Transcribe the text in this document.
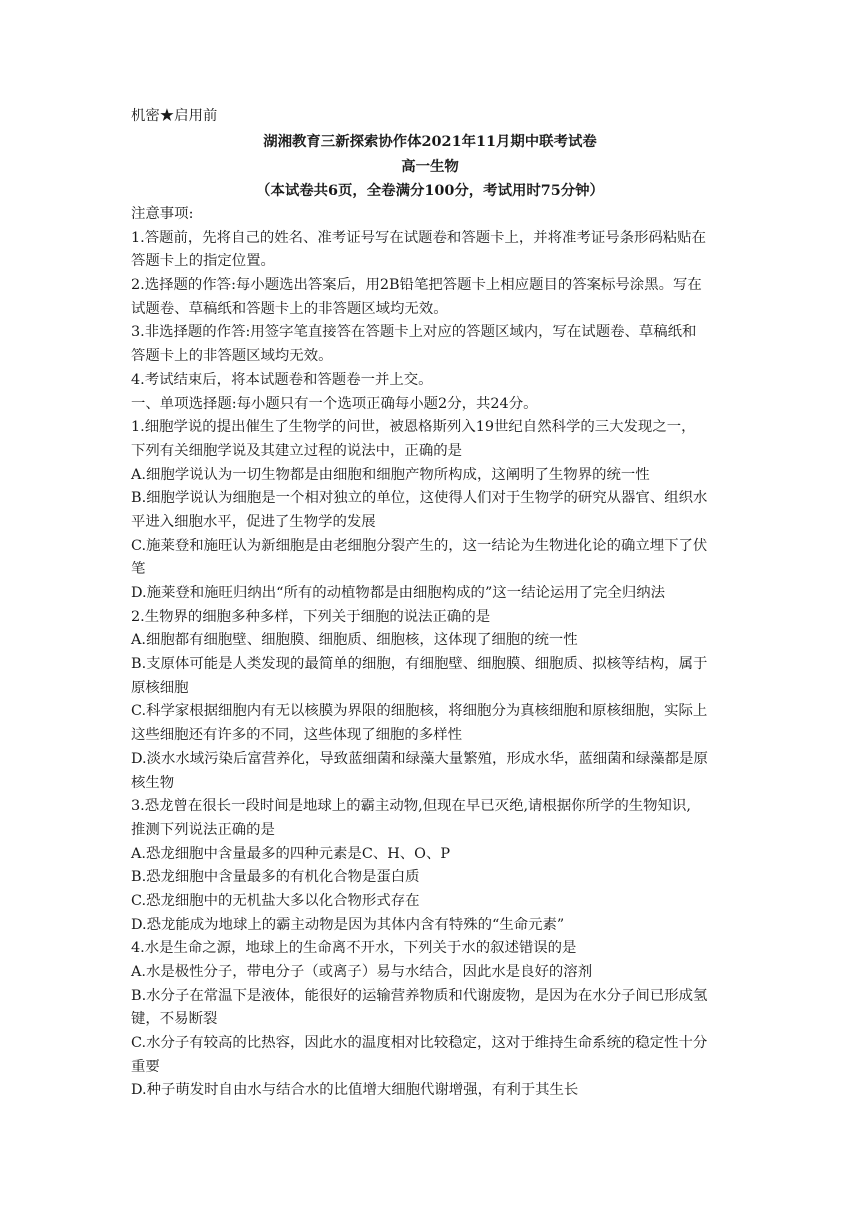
机密★启用前
湖湘教育三新探索协作体2021年11月期中联考试卷
高一生物
（本试卷共6页，全卷满分100分，考试用时75分钟）
注意事项:
1.答题前，先将自己的姓名、准考证号写在试题卷和答题卡上，并将准考证号条形码粘贴在
答题卡上的指定位置。
2.选择题的作答:每小题选出答案后，用2B铅笔把答题卡上相应题目的答案标号涂黑。写在
试题卷、草稿纸和答题卡上的非答题区域均无效。
3.非选择题的作答:用签字笔直接答在答题卡上对应的答题区域内，写在试题卷、草稿纸和
答题卡上的非答题区域均无效。
4.考试结束后，将本试题卷和答题卷一并上交。
一、单项选择题:每小题只有一个选项正确每小题2分，共24分。
1.细胞学说的提出催生了生物学的问世，被恩格斯列入19世纪自然科学的三大发现之一，
下列有关细胞学说及其建立过程的说法中，正确的是
A.细胞学说认为一切生物都是由细胞和细胞产物所构成，这阐明了生物界的统一性
B.细胞学说认为细胞是一个相对独立的单位，这使得人们对于生物学的研究从器官、组织水
平进入细胞水平，促进了生物学的发展
C.施莱登和施旺认为新细胞是由老细胞分裂产生的，这一结论为生物进化论的确立埋下了伏
笔
D.施莱登和施旺归纳出“所有的动植物都是由细胞构成的”这一结论运用了完全归纳法
2.生物界的细胞多种多样，下列关于细胞的说法正确的是
A.细胞都有细胞壁、细胞膜、细胞质、细胞核，这体现了细胞的统一性
B.支原体可能是人类发现的最简单的细胞，有细胞壁、细胞膜、细胞质、拟核等结构，属于
原核细胞
C.科学家根据细胞内有无以核膜为界限的细胞核，将细胞分为真核细胞和原核细胞，实际上
这些细胞还有许多的不同，这些体现了细胞的多样性
D.淡水水域污染后富营养化，导致蓝细菌和绿藻大量繁殖，形成水华，蓝细菌和绿藻都是原
核生物
3.恐龙曾在很长一段时间是地球上的霸主动物,但现在早已灭绝,请根据你所学的生物知识,
推测下列说法正确的是
A.恐龙细胞中含量最多的四种元素是C、H、O、P
B.恐龙细胞中含量最多的有机化合物是蛋白质
C.恐龙细胞中的无机盐大多以化合物形式存在
D.恐龙能成为地球上的霸主动物是因为其体内含有特殊的“生命元素”
4.水是生命之源，地球上的生命离不开水，下列关于水的叙述错误的是
A.水是极性分子，带电分子（或离子）易与水结合，因此水是良好的溶剂
B.水分子在常温下是液体，能很好的运输营养物质和代谢废物，是因为在水分子间已形成氢
键，不易断裂
C.水分子有较高的比热容，因此水的温度相对比较稳定，这对于维持生命系统的稳定性十分
重要
D.种子萌发时自由水与结合水的比值增大细胞代谢增强，有利于其生长
